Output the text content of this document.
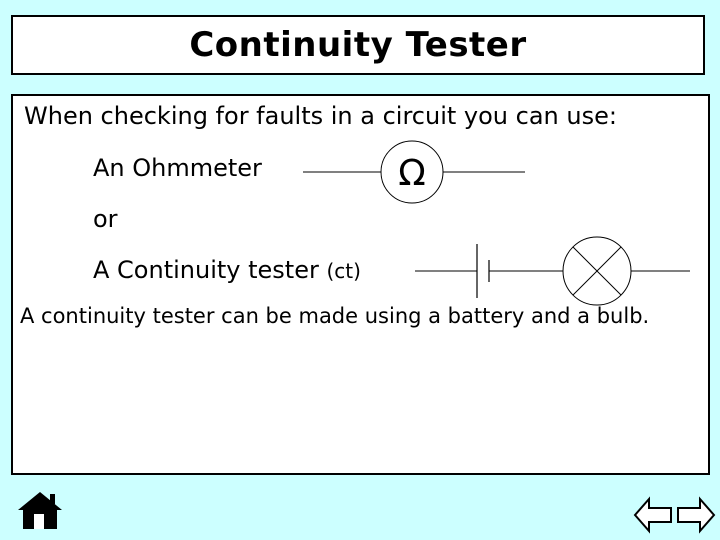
Continuity Tester
When checking for faults in a circuit you can use:
An Ohmmeter
or
A Continuity tester (ct)
Ω
A continuity tester can be made using a battery and a bulb.
